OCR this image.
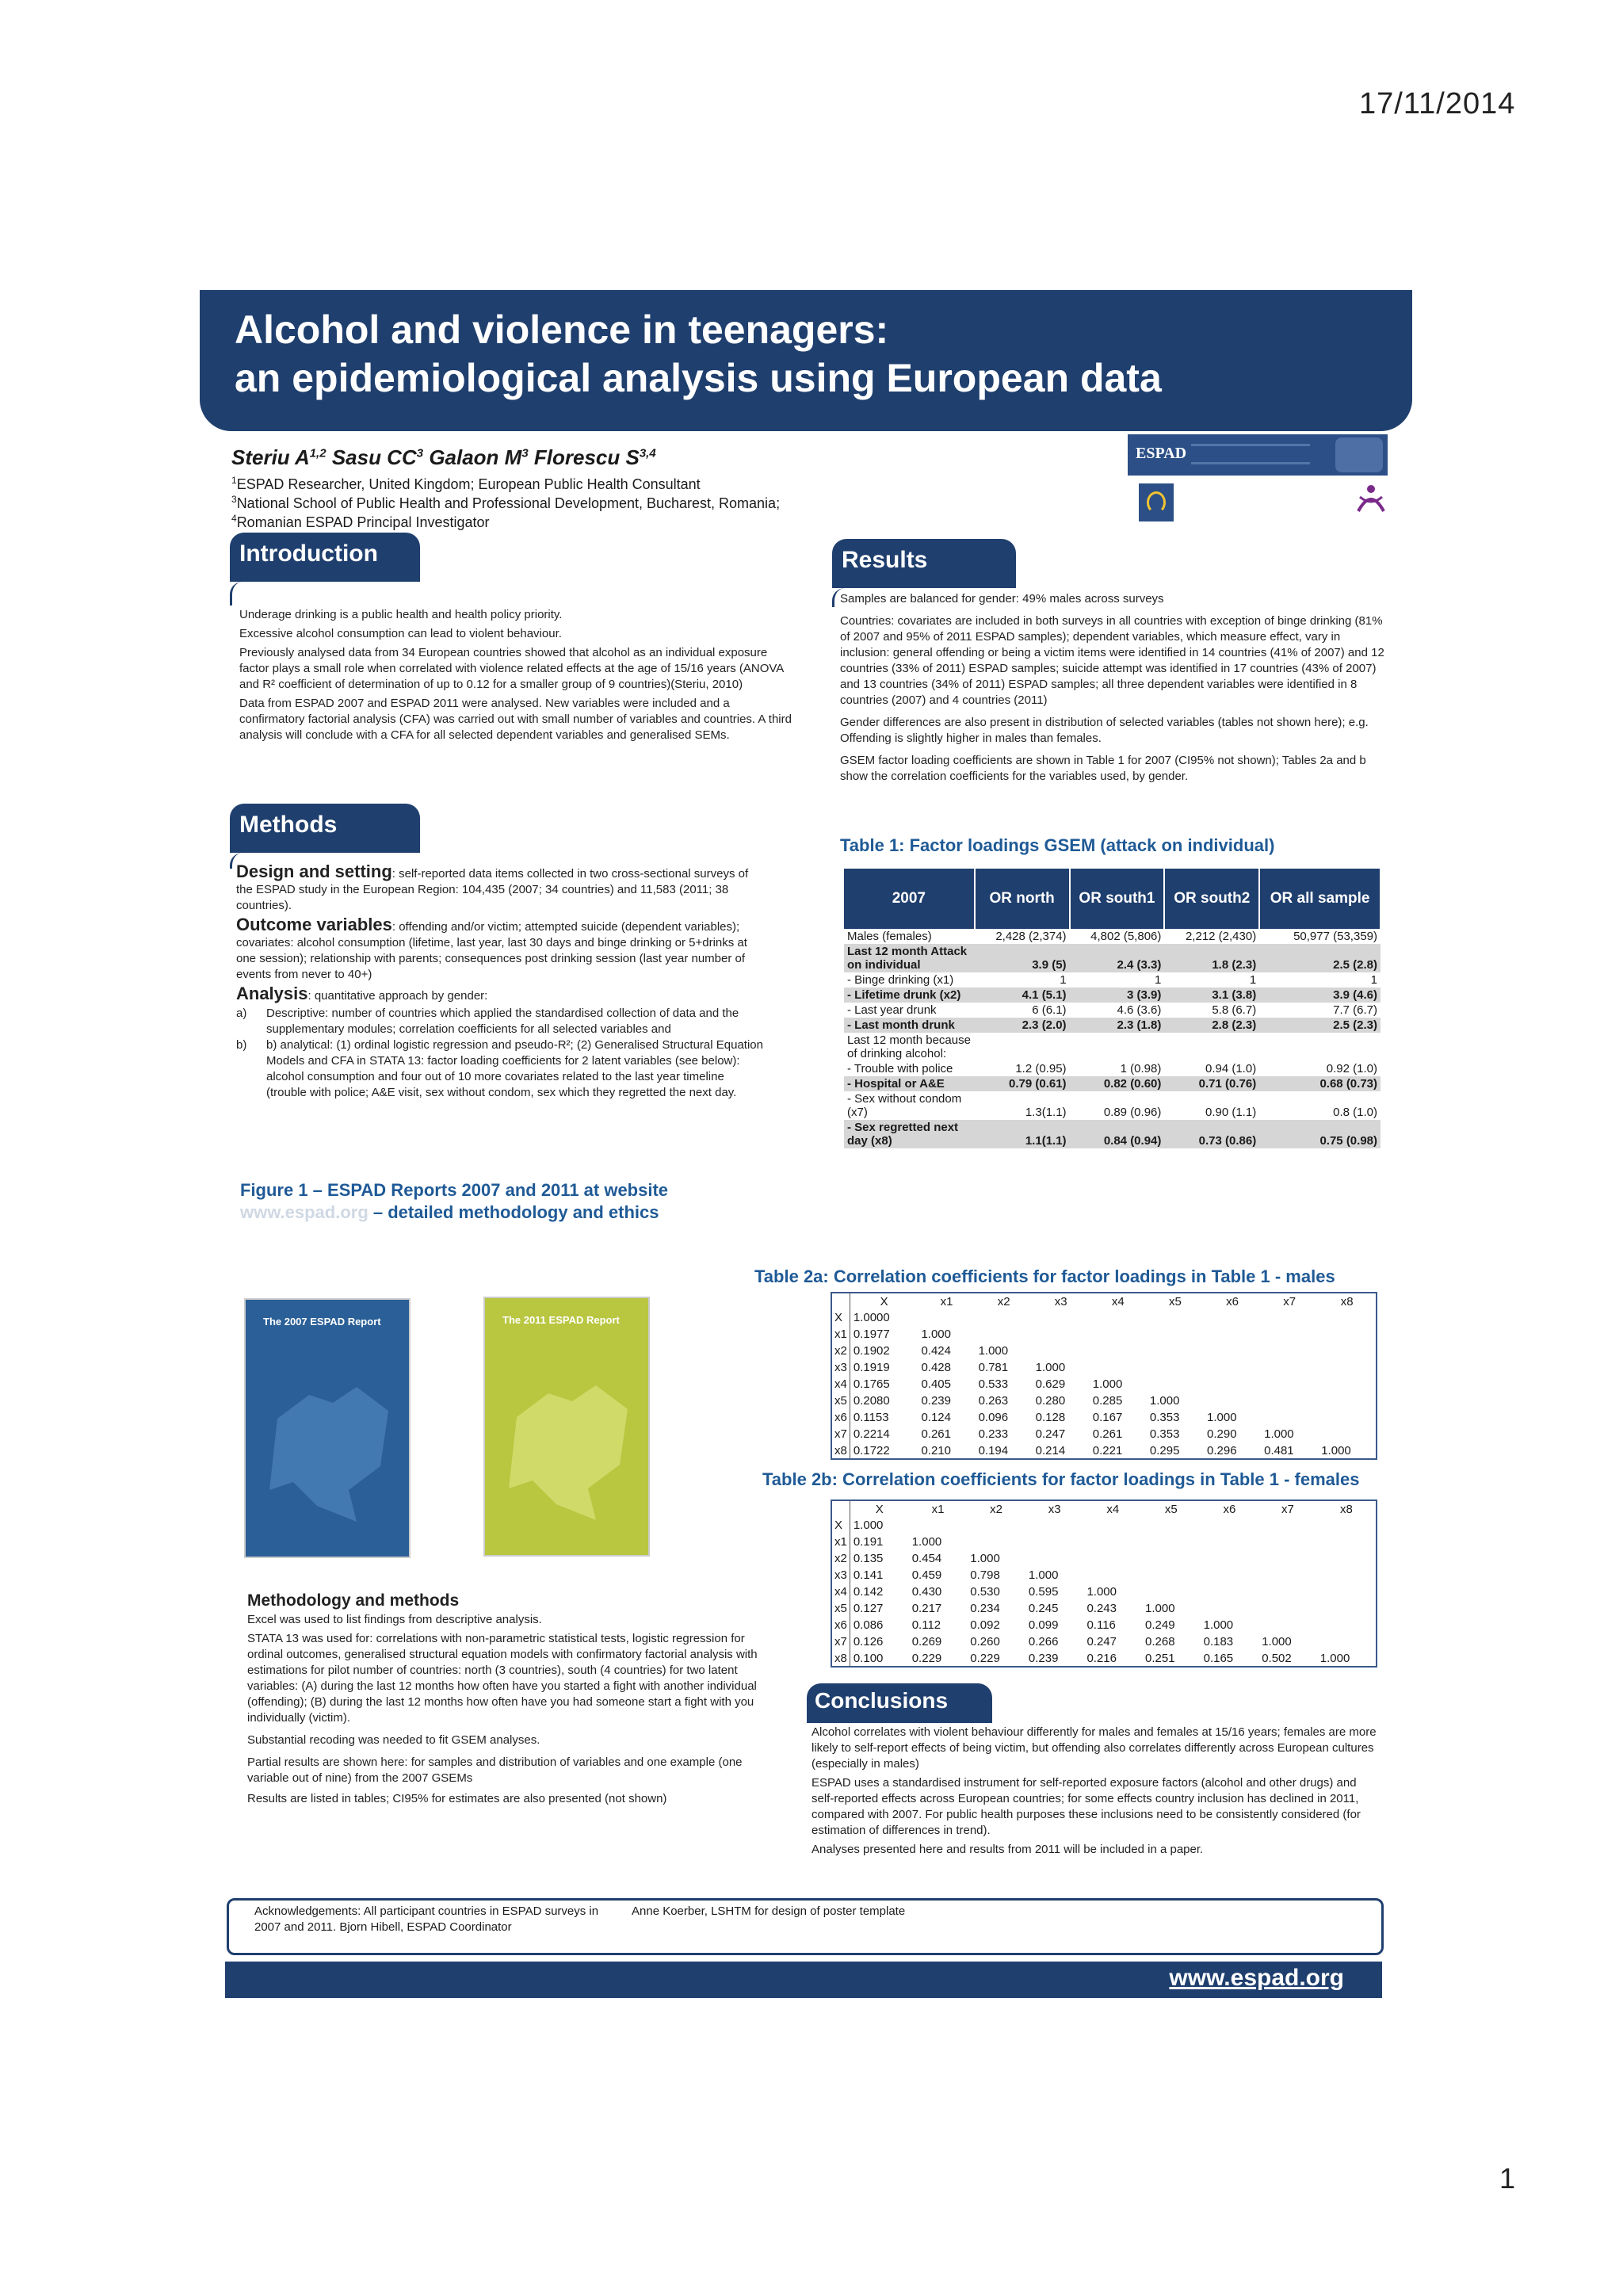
17/11/2014
1
Alcohol and violence in teenagers:
an epidemiological analysis using European data
Steriu A$^{1,2}$ Sasu $CC^3$ Galaon $M^3$ Florescu S$^{3,4}$
$^1$ESPAD Researcher, United Kingdom; European Public Health Consultant
$^3$National School of Public Health and Professional Development, Bucharest, Romania;
$^4$Romanian ESPAD Principal Investigator
ESPAD
Introduction

Underage drinking is a public health and health policy priority.

Excessive alcohol consumption can lead to violent behaviour.

Previously analysed data from 34 European countries showed that alcohol as an individual exposure factor plays a small role when correlated with violence related effects at the age of 15/16 years (ANOVA and R² coefficient of determination of up to 0.12 for a smaller group of 9 countries)(Steriu, 2010)

Data from ESPAD 2007 and ESPAD 2011 were analysed. New variables were included and a confirmatory factorial analysis (CFA) was carried out with small number of variables and countries. A third analysis will conclude with a CFA for all selected dependent variables and generalised SEMs.

Methods

Design and setting: self-reported data items collected in two cross-sectional surveys of the ESPAD study in the European Region: 104,435 (2007; 34 countries) and 11,583 (2011; 38 countries).

Outcome variables: offending and/or victim; attempted suicide (dependent variables); covariates: alcohol consumption (lifetime, last year, last 30 days and binge drinking or 5+drinks at one session); relationship with parents; consequences post drinking session (last year number of events from never to 40+)

Analysis: quantitative approach by gender:

a)	Descriptive: number of countries which applied the standardised collection of data and the supplementary modules; correlation coefficients for all selected variables and
b)	b) analytical: (1) ordinal logistic regression and pseudo-R²; (2) Generalised Structural Equation Models and CFA in STATA 13: factor loading coefficients for 2 latent variables (see below): alcohol consumption and four out of 10 more covariates related to the last year timeline (trouble with police; A&E visit, sex without condom, sex which they regretted the next day.
Figure 1 – ESPAD Reports 2007 and 2011 at website
www.espad.org – detailed methodology and ethics
The 2007 ESPAD Report	The 2011 ESPAD Report

Methodology and methods

Excel was used to list findings from descriptive analysis.

STATA 13 was used for: correlations with non-parametric statistical tests, logistic regression for ordinal outcomes, generalised structural equation models with confirmatory factorial analysis with estimations for pilot number of countries: north (3 countries), south (4 countries) for two latent variables: (A) during the last 12 months how often have you started a fight with another individual (offending); (B) during the last 12 months how often have you had someone start a fight with you individually (victim).

Substantial recoding was needed to fit GSEM analyses.

Partial results are shown here: for samples and distribution of variables and one example (one variable out of nine) from the 2007 GSEMs

Results are listed in tables; CI95% for estimates are also presented (not shown)

Results

Samples are balanced for gender: 49% males across surveys

Countries: covariates are included in both surveys in all countries with exception of binge drinking (81% of 2007 and 95% of 2011 ESPAD samples); dependent variables, which measure effect, vary in inclusion: general offending or being a victim items were identified in 14 countries (41% of 2007) and 12 countries (33% of 2011) ESPAD samples; suicide attempt was identified in 17 countries (43% of 2007) and 13 countries (34% of 2011) ESPAD samples; all three dependent variables were identified in 8 countries (2007) and 4 countries (2011)

Gender differences are also present in distribution of selected variables (tables not shown here); e.g. Offending is slightly higher in males than females.

GSEM factor loading coefficients are shown in Table 1 for 2007 (CI95% not shown); Tables 2a and b show the correlation coefficients for the variables used, by gender.

Table 1: Factor loadings GSEM (attack on individual)
2007	OR north	OR south1	OR south2	OR all sample
Males (females)	2,428 (2,374)	4,802 (5,806)	2,212 (2,430)	50,977 (53,359)
Last 12 month Attack on individual	3.9 (5)	2.4 (3.3)	1.8 (2.3)	2.5 (2.8)
- Binge drinking (x1)	1	1	1	1
- Lifetime drunk (x2)	4.1 (5.1)	3 (3.9)	3.1 (3.8)	3.9 (4.6)
- Last year drunk	6 (6.1)	4.6 (3.6)	5.8 (6.7)	7.7 (6.7)
- Last month drunk	2.3 (2.0)	2.3 (1.8)	2.8 (2.3)	2.5 (2.3)
Last 12 month because of drinking alcohol:				
- Trouble with police	1.2 (0.95)	1 (0.98)	0.94 (1.0)	0.92 (1.0)
- Hospital or A&E	0.79 (0.61)	0.82 (0.60)	0.71 (0.76)	0.68 (0.73)
- Sex without condom (x7)	1.3(1.1)	0.89 (0.96)	0.90 (1.1)	0.8 (1.0)
- Sex regretted next day (x8)	1.1(1.1)	0.84 (0.94)	0.73 (0.86)	0.75 (0.98)
Table 2a: Correlation coefficients for factor loadings in Table 1 - males
	X	x1	x2	x3	x4	x5	x6	x7	x8
X	1.0000								
x1	0.1977	1.000							
x2	0.1902	0.424	1.000						
x3	0.1919	0.428	0.781	1.000					
x4	0.1765	0.405	0.533	0.629	1.000				
x5	0.2080	0.239	0.263	0.280	0.285	1.000			
x6	0.1153	0.124	0.096	0.128	0.167	0.353	1.000		
x7	0.2214	0.261	0.233	0.247	0.261	0.353	0.290	1.000	
x8	0.1722	0.210	0.194	0.214	0.221	0.295	0.296	0.481	1.000
Table 2b: Correlation coefficients for factor loadings in Table 1 - females
	X	x1	x2	x3	x4	x5	x6	x7	x8
X	1.000								
x1	0.191	1.000							
x2	0.135	0.454	1.000						
x3	0.141	0.459	0.798	1.000					
x4	0.142	0.430	0.530	0.595	1.000				
x5	0.127	0.217	0.234	0.245	0.243	1.000			
x6	0.086	0.112	0.092	0.099	0.116	0.249	1.000		
x7	0.126	0.269	0.260	0.266	0.247	0.268	0.183	1.000	
x8	0.100	0.229	0.229	0.239	0.216	0.251	0.165	0.502	1.000
Conclusions

Alcohol correlates with violent behaviour differently for males and females at 15/16 years; females are more likely to self-report effects of being victim, but offending also correlates differently across European cultures (especially in males)

ESPAD uses a standardised instrument for self-reported exposure factors (alcohol and other drugs) and self-reported effects across European countries; for some effects country inclusion has declined in 2011, compared with 2007. For public health purposes these inclusions need to be consistently considered (for estimation of differences in trend).

Analyses presented here and results from 2011 will be included in a paper.

Acknowledgements: All participant countries in ESPAD surveys in 2007 and 2011. Bjorn Hibell, ESPAD Coordinator
Anne Koerber, LSHTM for design of poster template
www.espad.org
